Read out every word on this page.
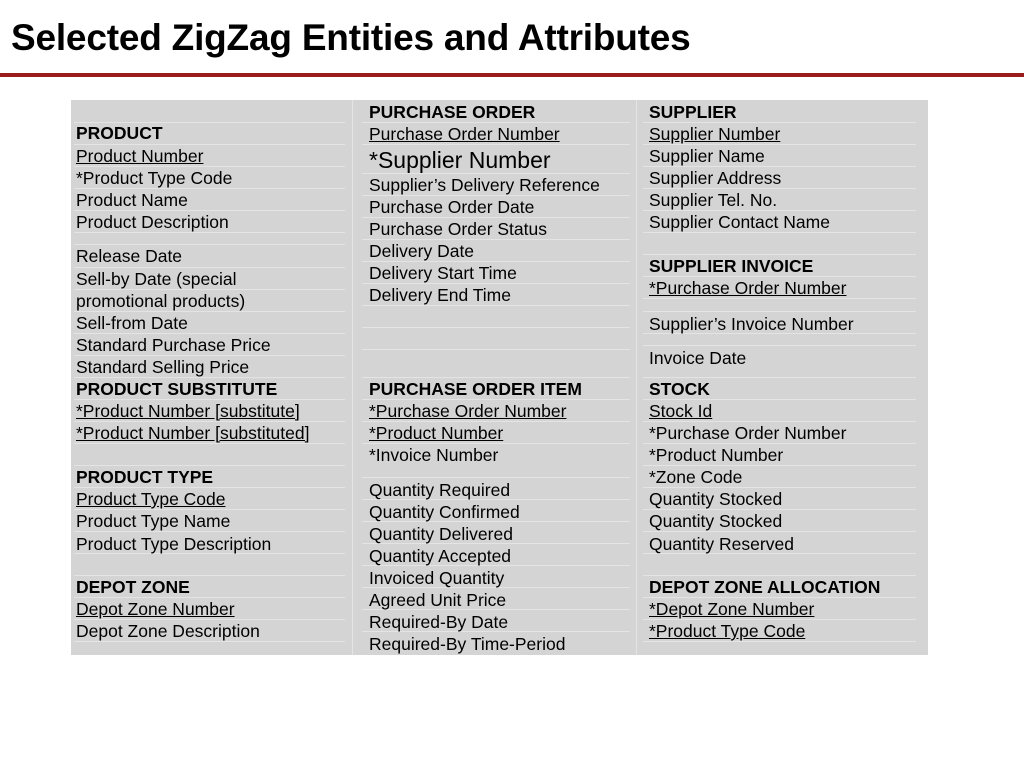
Selected ZigZag Entities and Attributes
PRODUCT
Product Number
*Product Type Code
Product Name
Product Description
Release Date
Sell-by Date (special
promotional products)
Sell-from Date
Standard Purchase Price
Standard Selling Price
PRODUCT SUBSTITUTE
*Product Number [substitute]
*Product Number [substituted]
PRODUCT TYPE
Product Type Code
Product Type Name
Product Type Description
DEPOT ZONE
Depot Zone Number
Depot Zone Description
PURCHASE ORDER
Purchase Order Number
*Supplier Number
Supplier’s Delivery Reference
Purchase Order Date
Purchase Order Status
Delivery Date
Delivery Start Time
Delivery End Time
PURCHASE ORDER ITEM
*Purchase Order Number
*Product Number
*Invoice Number
Quantity Required
Quantity Confirmed
Quantity Delivered
Quantity Accepted
Invoiced Quantity
Agreed Unit Price
Required-By Date
Required-By Time-Period
SUPPLIER
Supplier Number
Supplier Name
Supplier Address
Supplier Tel. No.
Supplier Contact Name
SUPPLIER INVOICE
*Purchase Order Number
Supplier’s Invoice Number
Invoice Date
STOCK
Stock Id
*Purchase Order Number
*Product Number
*Zone Code
Quantity Stocked
Quantity Stocked
Quantity Reserved
DEPOT ZONE ALLOCATION
*Depot Zone Number
*Product Type Code
